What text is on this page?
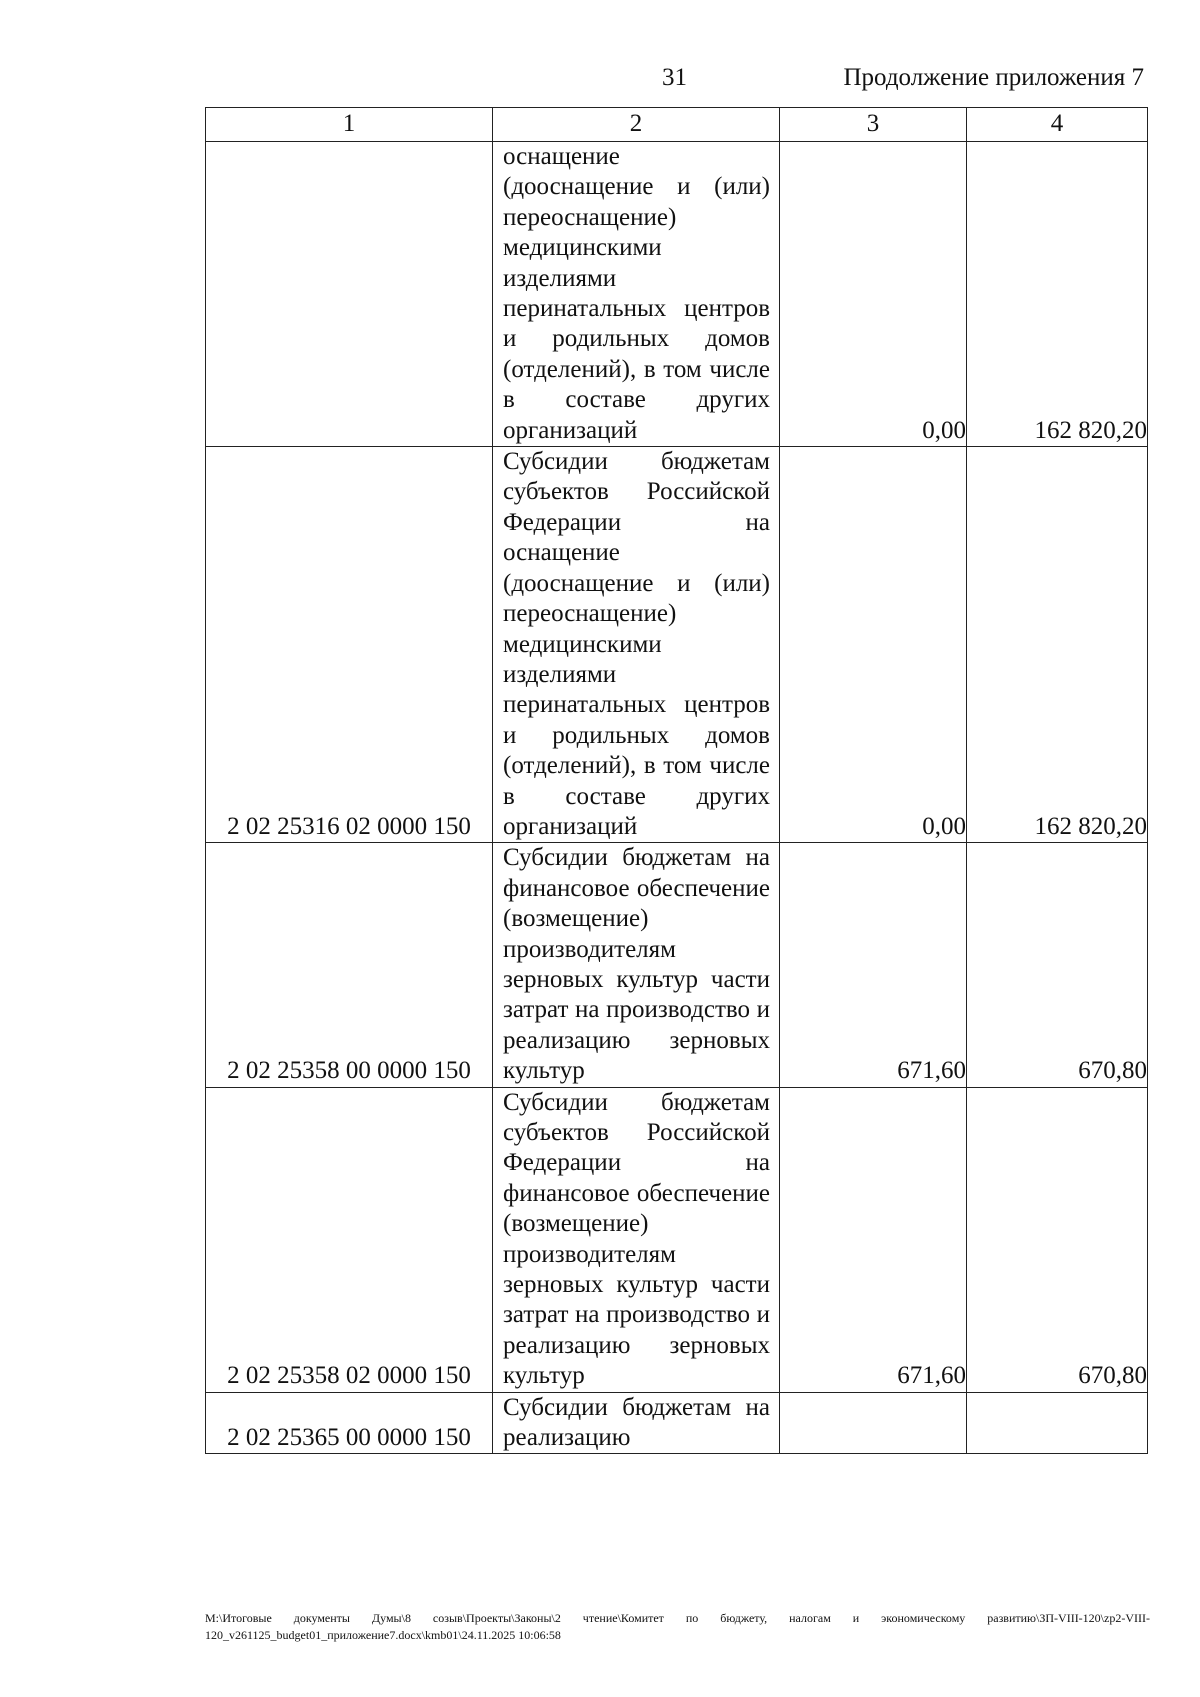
31	Продолжение приложения 7
1	2	3	4

	оснащение (дооснащение и (или) переоснащение) медицинскими изделиями перинатальных центров и родильных домов (отделений), в том числе в составе других организаций	0,00	162 820,20
2 02 25316 02 0000 150	Субсидии бюджетам субъектов Российской Федерации на оснащение (дооснащение и (или) переоснащение) медицинскими изделиями перинатальных центров и родильных домов (отделений), в том числе в составе других организаций	0,00	162 820,20
2 02 25358 00 0000 150	Субсидии бюджетам на финансовое обеспечение (возмещение) производителям зерновых культур части затрат на производство и реализацию зерновых культур	671,60	670,80
2 02 25358 02 0000 150	Субсидии бюджетам субъектов Российской Федерации на финансовое обеспечение (возмещение) производителям зерновых культур части затрат на производство и реализацию зерновых культур	671,60	670,80
2 02 25365 00 0000 150	Субсидии бюджетам на реализацию		

M:\Итоговые документы Думы\8 созыв\Проекты\Законы\2 чтение\Комитет по бюджету, налогам и экономическому развитию\ЗП-VIII-120\zp2-VIII-120_v261125_budget01_приложение7.docx\kmb01\24.11.2025 10:06:58
